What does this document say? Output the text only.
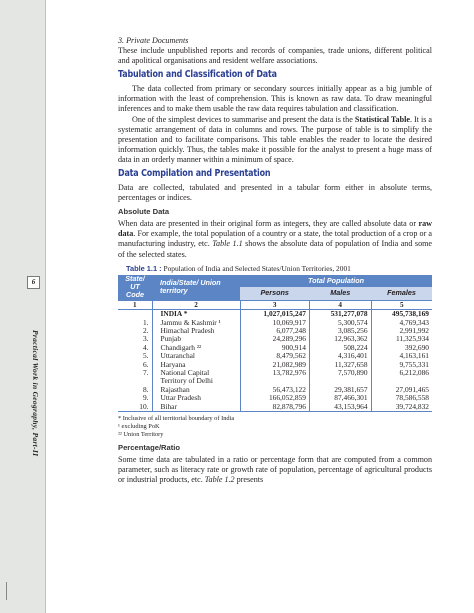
6
Practical Work in Geography, Part-II

3. Private Documents

These include unpublished reports and records of companies, trade unions, different political and apolitical organisations and resident welfare associations.

Tabulation and Classification of Data

The data collected from primary or secondary sources initially appear as a big jumble of information with the least of comprehension. This is known as raw data. To draw meaningful inferences and to make them usable the raw data requires tabulation and classification.

One of the simplest devices to summarise and present the data is the Statistical Table. It is a systematic arrangement of data in columns and rows. The purpose of table is to simplify the presentation and to facilitate comparisons. This table enables the reader to locate the desired information quickly. Thus, the tables make it possible for the analyst to present a huge mass of data in an orderly manner within a minimum of space.

Data Compilation and Presentation

Data are collected, tabulated and presented in a tabular form either in absolute terms, percentages or indices.

Absolute Data

When data are presented in their original form as integers, they are called absolute data or raw data. For example, the total population of a country or a state, the total production of a crop or a manufacturing industry, etc. Table 1.1 shows the absolute data of population of India and some of the selected states.

Table 1.1 : Population of India and Selected States/Union Territories, 2001
State/ UT Code	India/State/ Union territory	Total Population		
		Persons	Males	Females
1	2	3	4	5
	INDIA *	1,027,015,247	531,277,078	495,738,169
1.	Jammu & Kashmir ¹	10,069,917	5,300,574	4,769,343
2.	Himachal Pradesh	6,077,248	3,085,256	2,991,992
3.	Punjab	24,289,296	12,963,362	11,325,934
4.	Chandigarh ²²	900,914	508,224	392,690
5.	Uttaranchal	8,479,562	4,316,401	4,163,161
6.	Haryana	21,082,989	11,327,658	9,755,331
7.	National Capital	13,782,976	7,570,890	6,212,086
	Territory of Delhi			
8.	Rajasthan	56,473,122	29,381,657	27,091,465
9.	Uttar Pradesh	166,052,859	87,466,301	78,586,558
10.	Bihar	82,878,796	43,153,964	39,724,832

* Inclusive of all territorial boundary of India

¹ excluding PoK

²² Union Territory

Percentage/Ratio

Some time data are tabulated in a ratio or percentage form that are computed from a common parameter, such as literacy rate or growth rate of population, percentage of agricultural products or industrial products, etc. Table 1.2 presents
